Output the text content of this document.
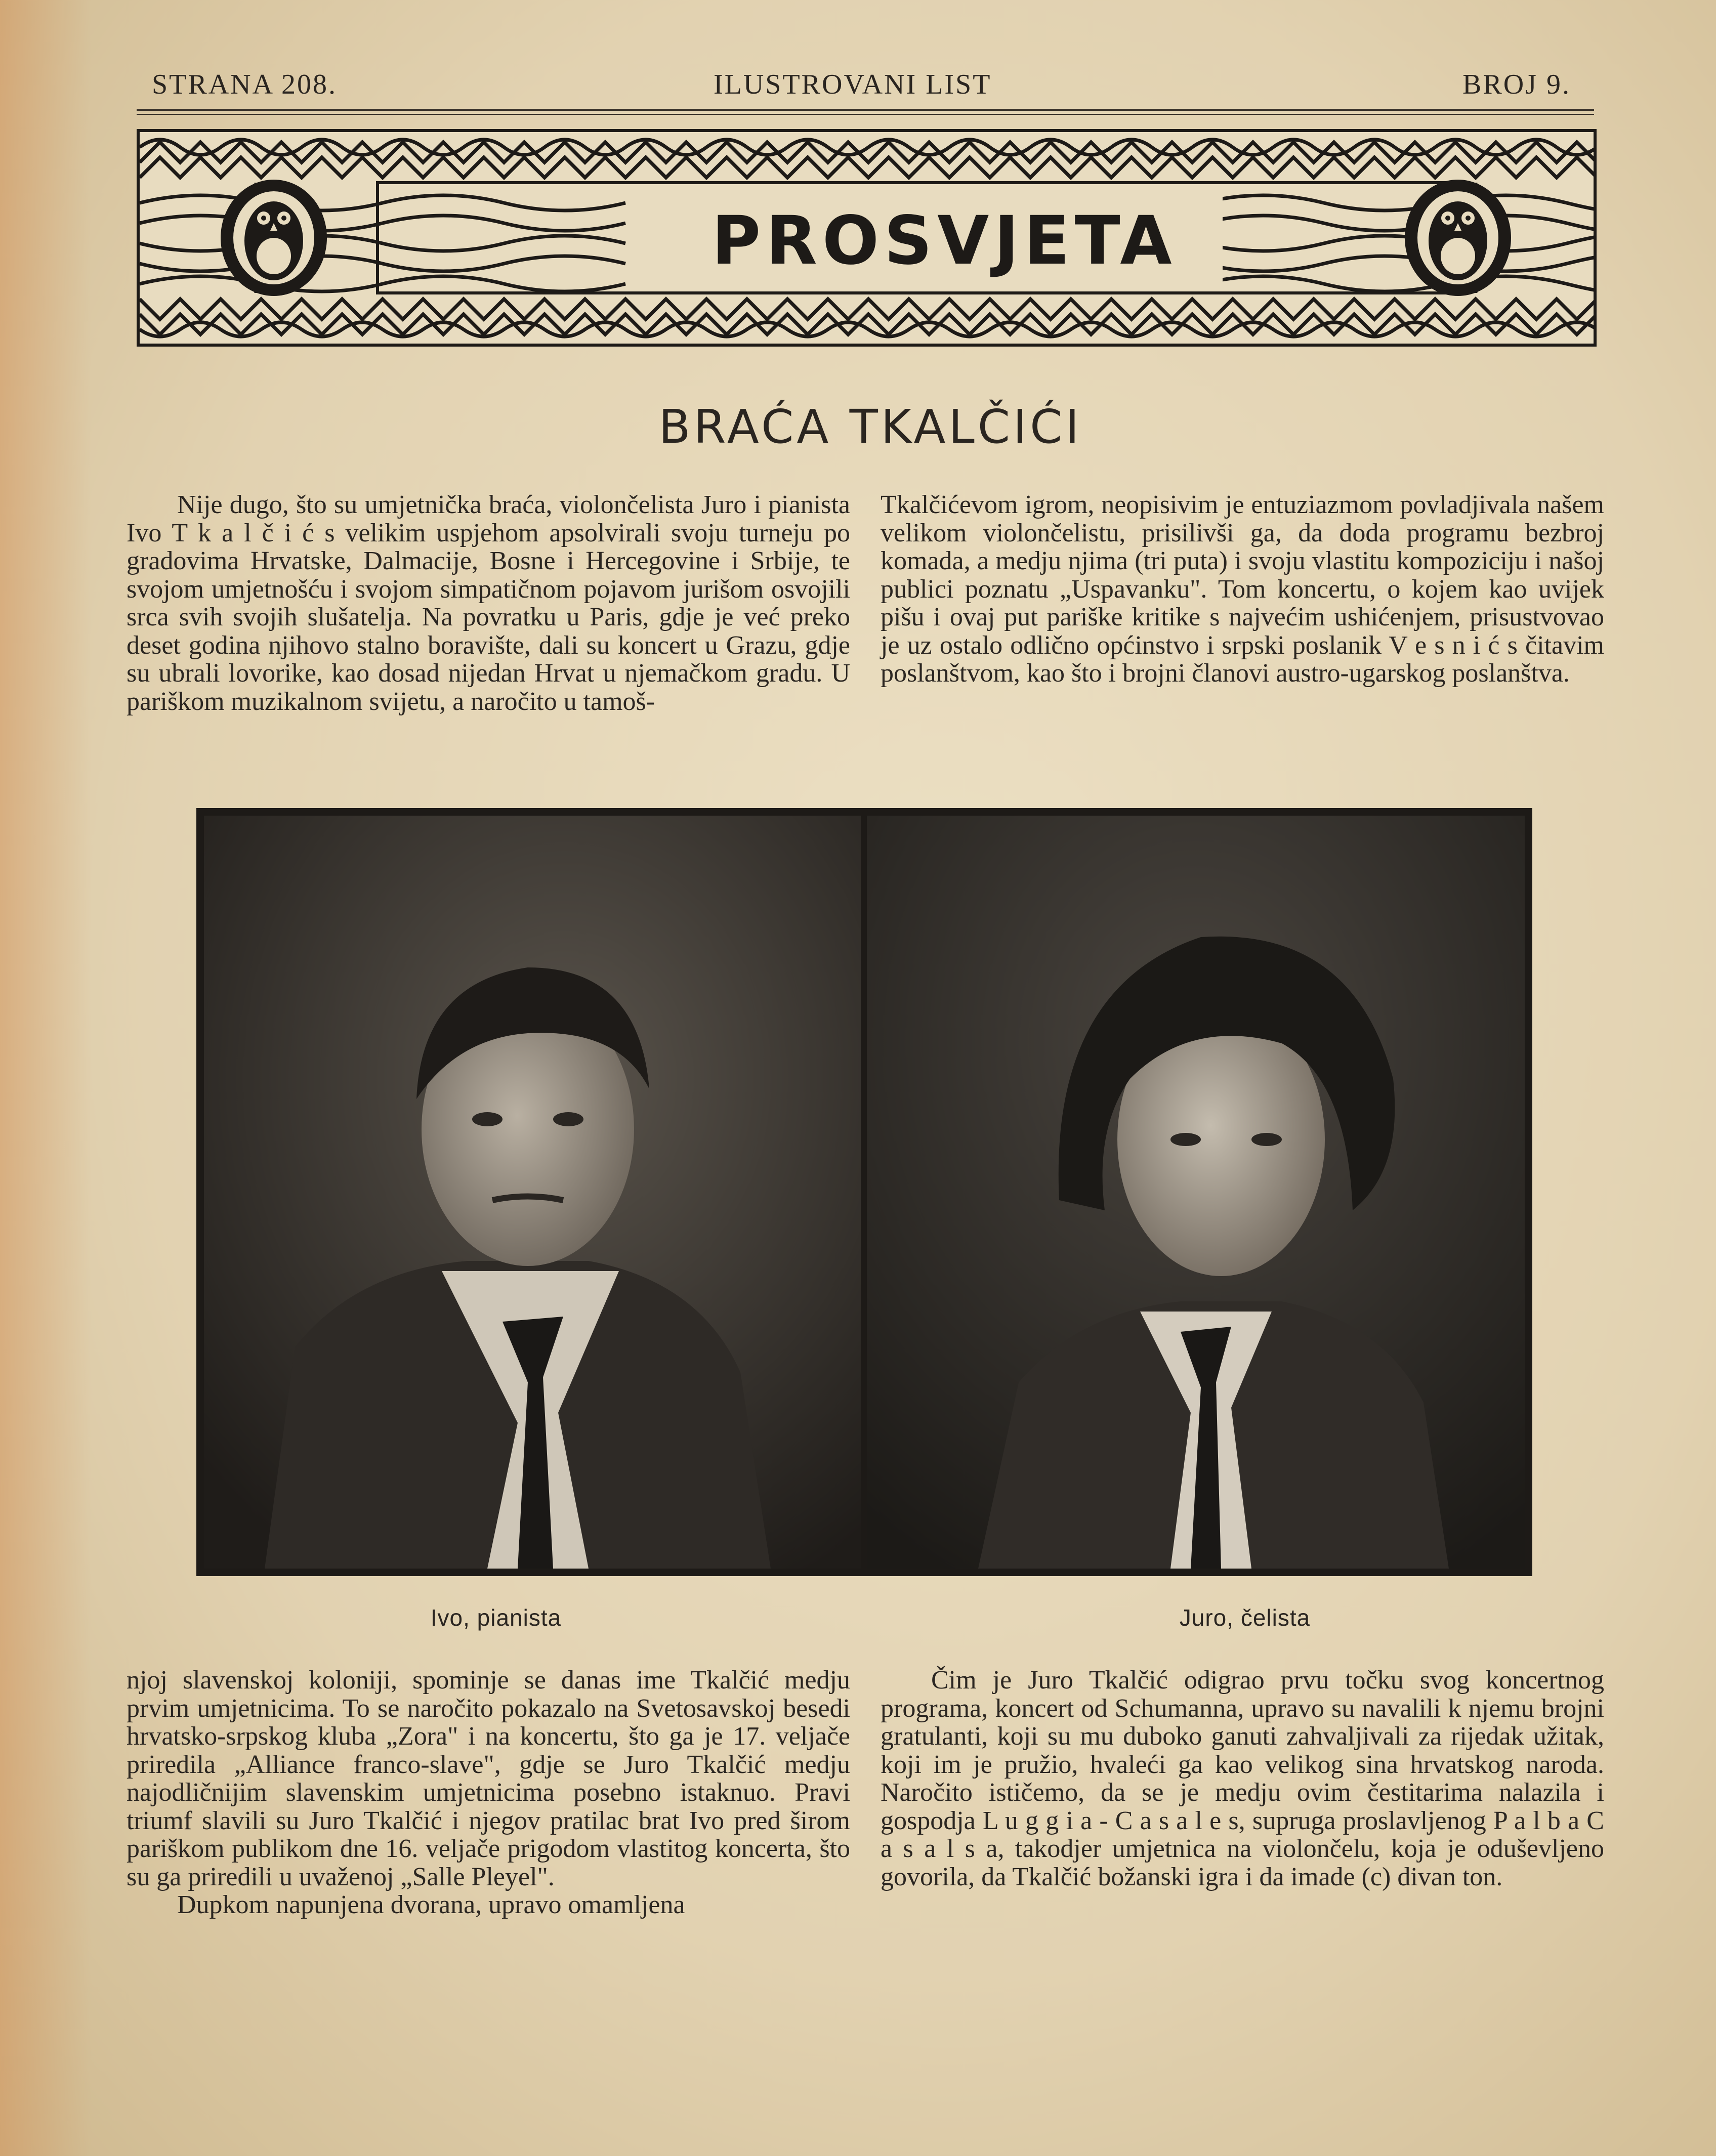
STRANA 208.	ILUSTROVANI LIST	BROJ 9.
PROSVJETA
BRAĆA TKALČIĆI

Nije dugo, što su umjetnička braća, violončelista Juro i pianista Ivo T k a l č i ć s velikim uspjehom apsolvirali svoju turneju po gradovima Hrvatske, Dalmacije, Bosne i Hercegovine i Srbije, te svojom umjetnošću i svojom simpatičnom pojavom jurišom osvojili srca svih svojih slušatelja. Na povratku u Paris, gdje je već preko deset godina njihovo stalno boravište, dali su koncert u Grazu, gdje su ubrali lovorike, kao dosad nijedan Hrvat u njemačkom gradu. U pariškom muzikalnom svijetu, a naročito u tamoš-

Tkalčićevom igrom, neopisivim je entuziazmom povladjivala našem velikom violončelistu, prisilivši ga, da doda programu bezbroj komada, a medju njima (tri puta) i svoju vlastitu kompoziciju i našoj publici poznatu „Uspavanku". Tom koncertu, o kojem kao uvijek pišu i ovaj put pariške kritike s najvećim ushićenjem, prisustvovao je uz ostalo odlično općinstvo i srpski poslanik V e s n i ć s čitavim poslanštvom, kao što i brojni članovi austro-ugarskog poslanštva.

Ivo, pianista	Juro, čelista

njoj slavenskoj koloniji, spominje se danas ime Tkalčić medju prvim umjetnicima. To se naročito pokazalo na Svetosavskoj besedi hrvatsko-srpskog kluba „Zora" i na koncertu, što ga je 17. veljače priredila „Alliance franco-slave", gdje se Juro Tkalčić medju najodličnijim slavenskim umjetnicima posebno istaknuo. Pravi triumf slavili su Juro Tkalčić i njegov pratilac brat Ivo pred širom pariškom publikom dne 16. veljače prigodom vlastitog koncerta, što su ga priredili u uvaženoj „Salle Pleyel".

Dupkom napunjena dvorana, upravo omamljena

Čim je Juro Tkalčić odigrao prvu točku svog koncertnog programa, koncert od Schumanna, upravo su navalili k njemu brojni gratulanti, koji su mu duboko ganuti zahvaljivali za rijedak užitak, koji im je pružio, hvaleći ga kao velikog sina hrvatskog naroda. Naročito ističemo, da se je medju ovim čestitarima nalazila i gospodja L u g g i a - C a s a l e s, supruga proslavljenog P a l b a C a s a l s a, takodjer umjetnica na violončelu, koja je oduševljeno govorila, da Tkalčić božanski igra i da imade (c) divan ton.
